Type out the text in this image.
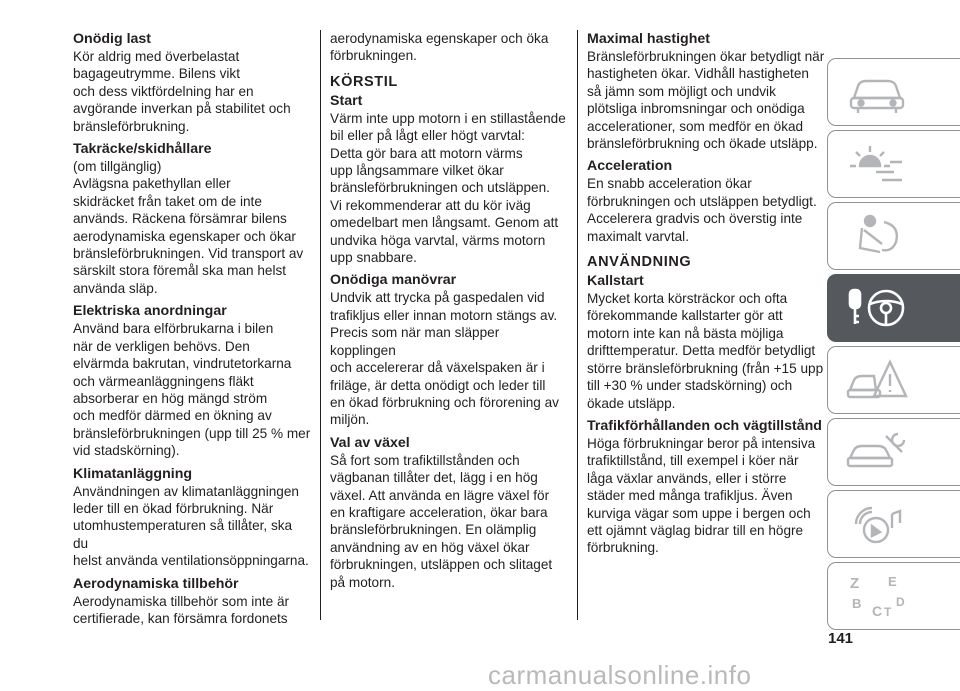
Onödig last

Kör aldrig med överbelastat
bagageutrymme. Bilens vikt
och dess viktfördelning har en
avgörande inverkan på stabilitet och
bränsleförbrukning.

Takräcke/skidhållare

(om tillgänglig)

Avlägsna pakethyllan eller
skidräcket från taket om de inte
används. Räckena försämrar bilens
aerodynamiska egenskaper och ökar
bränsleförbrukningen. Vid transport av
särskilt stora föremål ska man helst
använda släp.

Elektriska anordningar

Använd bara elförbrukarna i bilen
när de verkligen behövs. Den
elvärmda bakrutan, vindrutetorkarna
och värmeanläggningens fläkt
absorberar en hög mängd ström
och medför därmed en ökning av
bränsleförbrukningen (upp till 25 % mer
vid stadskörning).

Klimatanläggning

Användningen av klimatanläggningen
leder till en ökad förbrukning. När
utomhustemperaturen så tillåter, ska du
helst använda ventilationsöppningarna.

Aerodynamiska tillbehör

Aerodynamiska tillbehör som inte är
certifierade, kan försämra fordonets

aerodynamiska egenskaper och öka
förbrukningen.

KÖRSTIL
Start

Värm inte upp motorn i en stillastående
bil eller på lågt eller högt varvtal:
Detta gör bara att motorn värms
upp långsammare vilket ökar
bränsleförbrukningen och utsläppen.
Vi rekommenderar att du kör iväg
omedelbart men långsamt. Genom att
undvika höga varvtal, värms motorn
upp snabbare.

Onödiga manövrar

Undvik att trycka på gaspedalen vid
trafikljus eller innan motorn stängs av.
Precis som när man släpper kopplingen
och accelererar då växelspaken är i
friläge, är detta onödigt och leder till
en ökad förbrukning och förorening av
miljön.

Val av växel

Så fort som trafiktillstånden och
vägbanan tillåter det, lägg i en hög
växel. Att använda en lägre växel för
en kraftigare acceleration, ökar bara
bränsleförbrukningen. En olämplig
användning av en hög växel ökar
förbrukningen, utsläppen och slitaget
på motorn.

Maximal hastighet

Bränsleförbrukningen ökar betydligt när
hastigheten ökar. Vidhåll hastigheten
så jämn som möjligt och undvik
plötsliga inbromsningar och onödiga
accelerationer, som medför en ökad
bränsleförbrukning och ökade utsläpp.

Acceleration

En snabb acceleration ökar
förbrukningen och utsläppen betydligt.
Accelerera gradvis och överstig inte
maximalt varvtal.

ANVÄNDNING
Kallstart

Mycket korta körsträckor och ofta
förekommande kallstarter gör att
motorn inte kan nå bästa möjliga
drifttemperatur. Detta medför betydligt
större bränsleförbrukning (från +15 upp
till +30 % under stadskörning) och
ökade utsläpp.

Trafikförhållanden och vägtillstånd

Höga förbrukningar beror på intensiva
trafiktillstånd, till exempel i köer när
låga växlar används, eller i större
städer med många trafikljus. Även
kurviga vägar som uppe i bergen och
ett ojämnt väglag bidrar till en högre
förbrukning.

Z E
B C T
D
141
carmanualsonline.info
